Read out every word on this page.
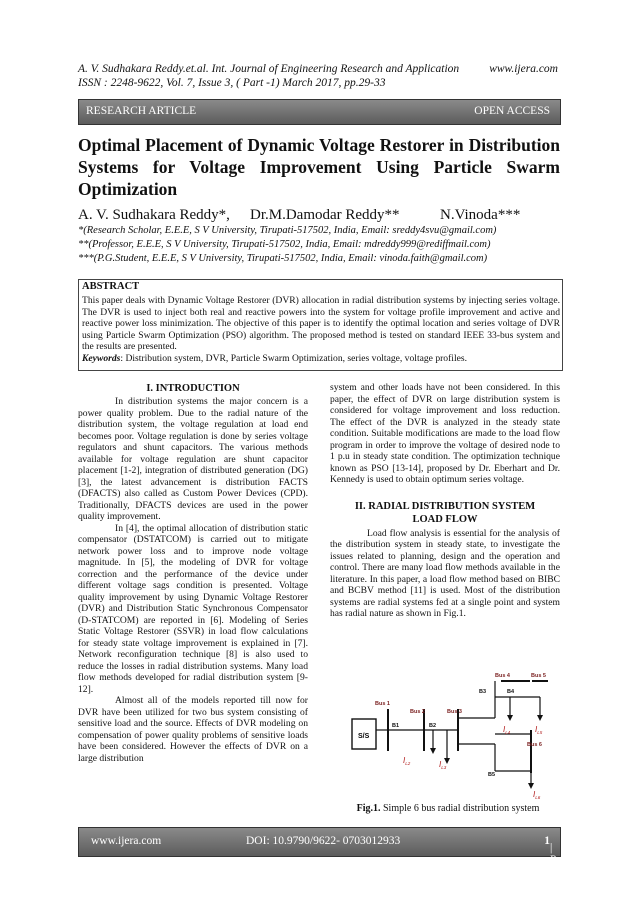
A. V. Sudhakara Reddy.et.al. Int. Journal of Engineering Research and Application	www.ijera.com
ISSN : 2248-9622, Vol. 7, Issue 3, ( Part -1) March 2017, pp.29-33
RESEARCH ARTICLE	OPEN ACCESS
Optimal Placement of Dynamic Voltage Restorer in Distribution Systems for Voltage Improvement Using Particle Swarm Optimization
A. V. Sudhakara Reddy*, Dr.M.Damodar Reddy**	N.Vinoda***
*(Research Scholar, E.E.E, S V University, Tirupati-517502, India, Email: sreddy4svu@gmail.com)
**(Professor, E.E.E, S V University, Tirupati-517502, India, Email: mdreddy999@rediffmail.com)
***(P.G.Student, E.E.E, S V University, Tirupati-517502, India, Email: vinoda.faith@gmail.com)
ABSTRACT
This paper deals with Dynamic Voltage Restorer (DVR) allocation in radial distribution systems by injecting series voltage. The DVR is used to inject both real and reactive powers into the system for voltage profile improvement and active and reactive power loss minimization. The objective of this paper is to identify the optimal location and series voltage of DVR using Particle Swarm Optimization (PSO) algorithm. The proposed method is tested on standard IEEE 33-bus system and the results are presented.
Keywords: Distribution system, DVR, Particle Swarm Optimization, series voltage, voltage profiles.
I. INTRODUCTION

In distribution systems the major concern is a power quality problem. Due to the radial nature of the distribution system, the voltage regulation at load end becomes poor. Voltage regulation is done by series voltage regulators and shunt capacitors. The various methods available for voltage regulation are shunt capacitor placement [1-2], integration of distributed generation (DG) [3], the latest advancement is distribution FACTS (DFACTS) also called as Custom Power Devices (CPD). Traditionally, DFACTS devices are used in the power quality improvement.

In [4], the optimal allocation of distribution static compensator (DSTATCOM) is carried out to mitigate network power loss and to improve node voltage magnitude. In [5], the modeling of DVR for voltage correction and the performance of the device under different voltage sags condition is presented. Voltage quality improvement by using Dynamic Voltage Restorer (DVR) and Distribution Static Synchronous Compensator (D-STATCOM) are reported in [6]. Modeling of Series Static Voltage Restorer (SSVR) in load flow calculations for steady state voltage improvement is explained in [7]. Network reconfiguration technique [8] is also used to reduce the losses in radial distribution systems. Many load flow methods developed for radial distribution system [9-12].

Almost all of the models reported till now for DVR have been utilized for two bus system consisting of sensitive load and the source. Effects of DVR modeling on compensation of power quality problems of sensitive loads have been considered. However the effects of DVR on a large distribution

system and other loads have not been considered. In this paper, the effect of DVR on large distribution system is considered for voltage improvement and loss reduction. The effect of the DVR is analyzed in the steady state condition. Suitable modifications are made to the load flow program in order to improve the voltage of desired node to 1 p.u in steady state condition. The optimization technique known as PSO [13-14], proposed by Dr. Eberhart and Dr. Kennedy is used to obtain optimum series voltage.

II. RADIAL DISTRIBUTION SYSTEM
LOAD FLOW

Load flow analysis is essential for the analysis of the distribution system in steady state, to investigate the issues related to planning, design and the operation and control. There are many load flow methods available in the literature. In this paper, a load flow method based on BIBC and BCBV method [11] is used. Most of the distribution systems are radial systems fed at a single point and system has radial nature as shown in Fig.1.

S/S
Bus 1
Bus 2	Bus 3
Bus 4	Bus 5
Bus 6
B1	B2
B3	B4
B5
$I_{L2}$	$I_{L3}$
$I_{L4}$	$I_{L5}$
$I_{L6}$
Fig.1. Simple 6 bus radial distribution system
www.ijera.com	DOI: 10.9790/9622- 0703012933	1
| P a g e
